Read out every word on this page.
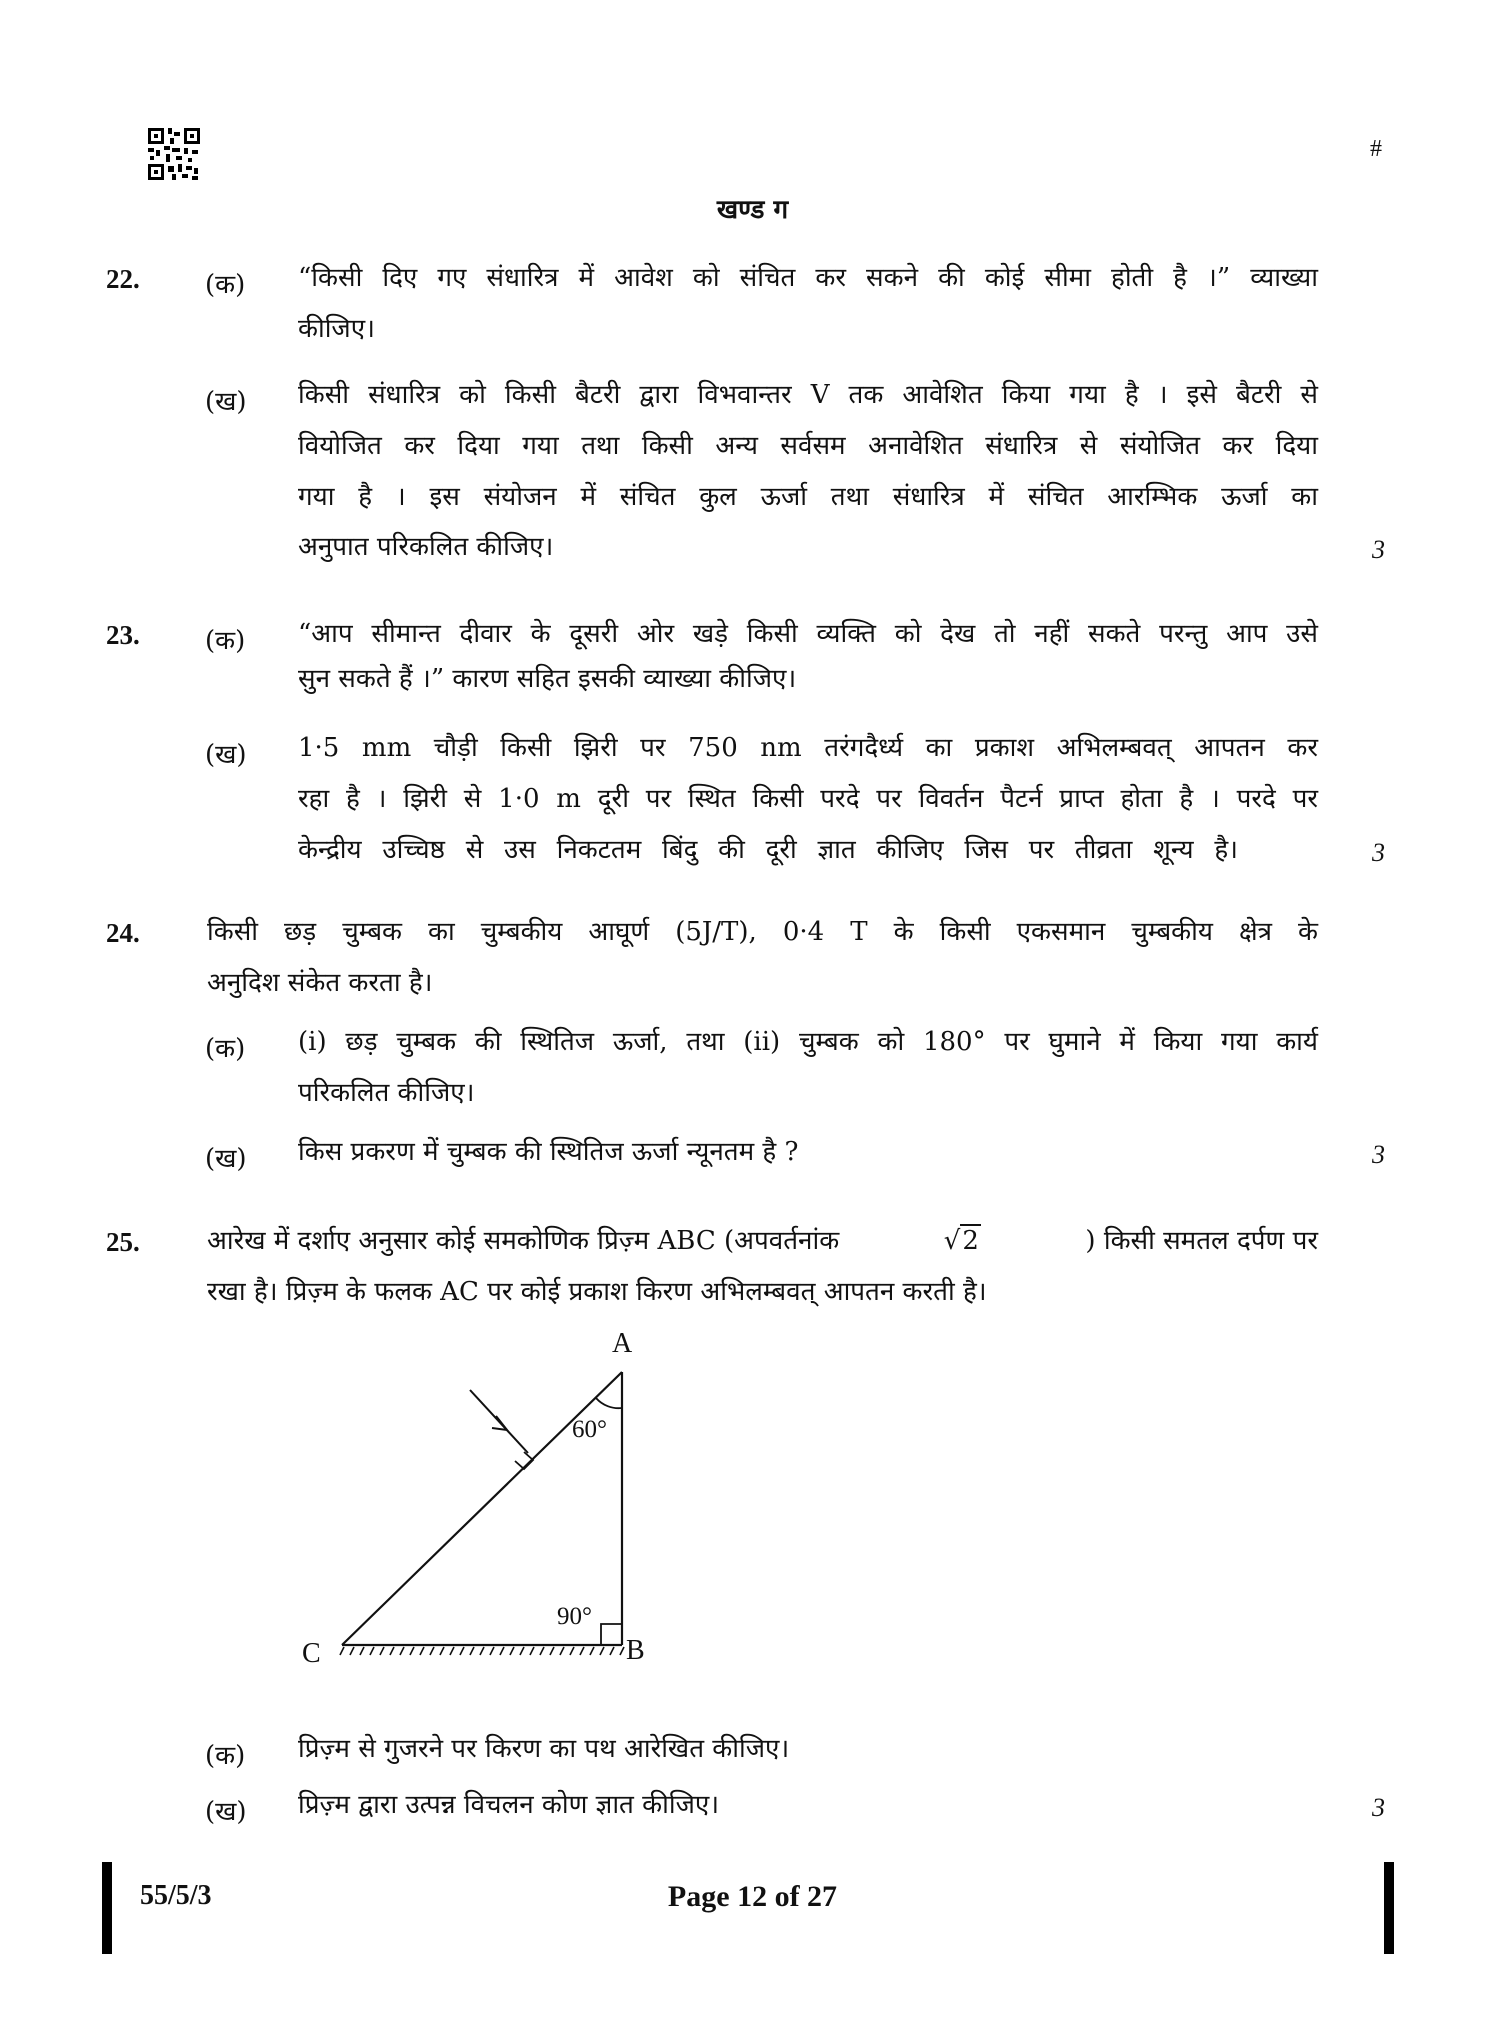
#
खण्ड ग
22.	(क) “किसी दिए गए संधारित्र में आवेश को संचित कर सकने की कोई सीमा होती है ।” व्याख्या
कीजिए।
(ख) किसी संधारित्र को किसी बैटरी द्वारा विभवान्तर V तक आवेशित किया गया है । इसे बैटरी से
वियोजित कर दिया गया तथा किसी अन्य सर्वसम अनावेशित संधारित्र से संयोजित कर दिया
गया है । इस संयोजन में संचित कुल ऊर्जा तथा संधारित्र में संचित आरम्भिक ऊर्जा का
अनुपात परिकलित कीजिए।	3
23.	(क) “आप सीमान्त दीवार के दूसरी ओर खड़े किसी व्यक्ति को देख तो नहीं सकते परन्तु आप उसे
सुन सकते हैं ।” कारण सहित इसकी व्याख्या कीजिए।
(ख) 1·5 mm चौड़ी किसी झिरी पर 750 nm तरंगदैर्ध्य का प्रकाश अभिलम्बवत् आपतन कर
रहा है । झिरी से 1·0 m दूरी पर स्थित किसी परदे पर विवर्तन पैटर्न प्राप्त होता है । परदे पर
केन्द्रीय उच्चिष्ठ से उस निकटतम बिंदु की दूरी ज्ञात कीजिए जिस पर तीव्रता शून्य है।	3
24.	किसी छड़ चुम्बक का चुम्बकीय आघूर्ण (5J/T), 0·4 T के किसी एकसमान चुम्बकीय क्षेत्र के
अनुदिश संकेत करता है।
(क) (i) छड़ चुम्बक की स्थितिज ऊर्जा, तथा (ii) चुम्बक को 180° पर घुमाने में किया गया कार्य
परिकलित कीजिए।
(ख) किस प्रकरण में चुम्बक की स्थितिज ऊर्जा न्यूनतम है ?	3
25.	आरेख में दर्शाए अनुसार कोई समकोणिक प्रिज़्म ABC (अपवर्तनांक	√2	) किसी समतल दर्पण पर
रखा है। प्रिज़्म के फलक AC पर कोई प्रकाश किरण अभिलम्बवत् आपतन करती है।
A
B
C
60°
90°
(क) प्रिज़्म से गुजरने पर किरण का पथ आरेखित कीजिए।
(ख) प्रिज़्म द्वारा उत्पन्न विचलन कोण ज्ञात कीजिए।	3
55/5/3	Page 12 of 27
